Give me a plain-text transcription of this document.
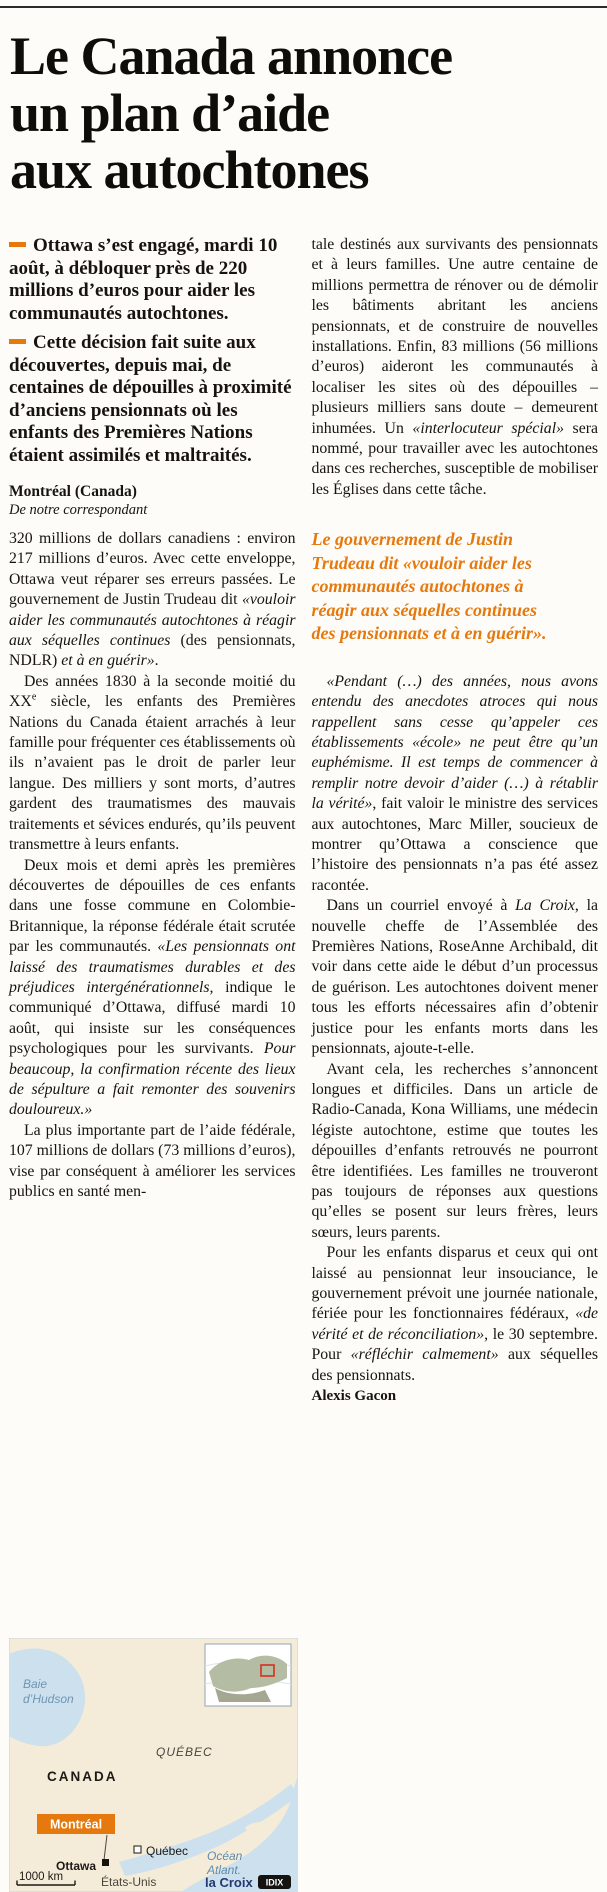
Le Canada annonce
un plan d’aide
aux autochtones

Ottawa s’est engagé, mardi 10 août, à débloquer près de 220 millions d’euros pour aider les communautés autochtones.

Cette décision fait suite aux découvertes, depuis mai, de centaines de dépouilles à proximité d’anciens pensionnats où les enfants des Premières Nations étaient assimilés et maltraités.

Montréal (Canada)
De notre correspondant

320 millions de dollars canadiens : environ 217 millions d’euros. Avec cette enveloppe, Ottawa veut réparer ses erreurs passées. Le gouvernement de Justin Trudeau dit «vouloir aider les communautés autochtones à réagir aux séquelles continues (des pensionnats, NDLR) et à en guérir».

Des années 1830 à la seconde moitié du XXe siècle, les enfants des Premières Nations du Canada étaient arrachés à leur famille pour fréquenter ces établissements où ils n’avaient pas le droit de parler leur langue. Des milliers y sont morts, d’autres gardent des traumatismes des mauvais traitements et sévices endurés, qu’ils peuvent transmettre à leurs enfants.

Deux mois et demi après les premières découvertes de dépouilles de ces enfants dans une fosse commune en Colombie-Britannique, la réponse fédérale était scrutée par les communautés. «Les pensionnats ont laissé des traumatismes durables et des préjudices intergénérationnels, indique le communiqué d’Ottawa, diffusé mardi 10 août, qui insiste sur les conséquences psychologiques pour les survivants. Pour beaucoup, la confirmation récente des lieux de sépulture a fait remonter des souvenirs douloureux.»

La plus importante part de l’aide fédérale, 107 millions de dollars (73 millions d’euros), vise par conséquent à améliorer les services publics en santé men-

Baie
d’Hudson
QUÉBEC
CANADA
Océan
Atlant.
États-Unis
Montréal
Ottawa
Québec
1000 km	la Croix IDIX

tale destinés aux survivants des pensionnats et à leurs familles. Une autre centaine de millions permettra de rénover ou de démolir les bâtiments abritant les anciens pensionnats, et de construire de nouvelles installations. Enfin, 83 millions (56 millions d’euros) aideront les communautés à localiser les sites où des dépouilles – plusieurs milliers sans doute – demeurent inhumées. Un «interlocuteur spécial» sera nommé, pour travailler avec les autochtones dans ces recherches, susceptible de mobiliser les Églises dans cette tâche.

Le gouvernement de Justin Trudeau dit «vouloir aider les communautés autochtones à réagir aux séquelles continues des pensionnats et à en guérir».

«Pendant (…) des années, nous avons entendu des anecdotes atroces qui nous rappellent sans cesse qu’appeler ces établissements «école» ne peut être qu’un euphémisme. Il est temps de commencer à remplir notre devoir d’aider (…) à rétablir la vérité», fait valoir le ministre des services aux autochtones, Marc Miller, soucieux de montrer qu’Ottawa a conscience que l’histoire des pensionnats n’a pas été assez racontée.

Dans un courriel envoyé à La Croix, la nouvelle cheffe de l’Assemblée des Premières Nations, RoseAnne Archibald, dit voir dans cette aide le début d’un processus de guérison. Les autochtones doivent mener tous les efforts nécessaires afin d’obtenir justice pour les enfants morts dans les pensionnats, ajoute-t-elle.

Avant cela, les recherches s’annoncent longues et difficiles. Dans un article de Radio-Canada, Kona Williams, une médecin légiste autochtone, estime que toutes les dépouilles d’enfants retrouvés ne pourront être identifiées. Les familles ne trouveront pas toujours de réponses aux questions qu’elles se posent sur leurs frères, leurs sœurs, leurs parents.

Pour les enfants disparus et ceux qui ont laissé au pensionnat leur insouciance, le gouvernement prévoit une journée nationale, fériée pour les fonctionnaires fédéraux, «de vérité et de réconciliation», le 30 septembre. Pour «réfléchir calmement» aux séquelles des pensionnats.

Alexis Gacon
